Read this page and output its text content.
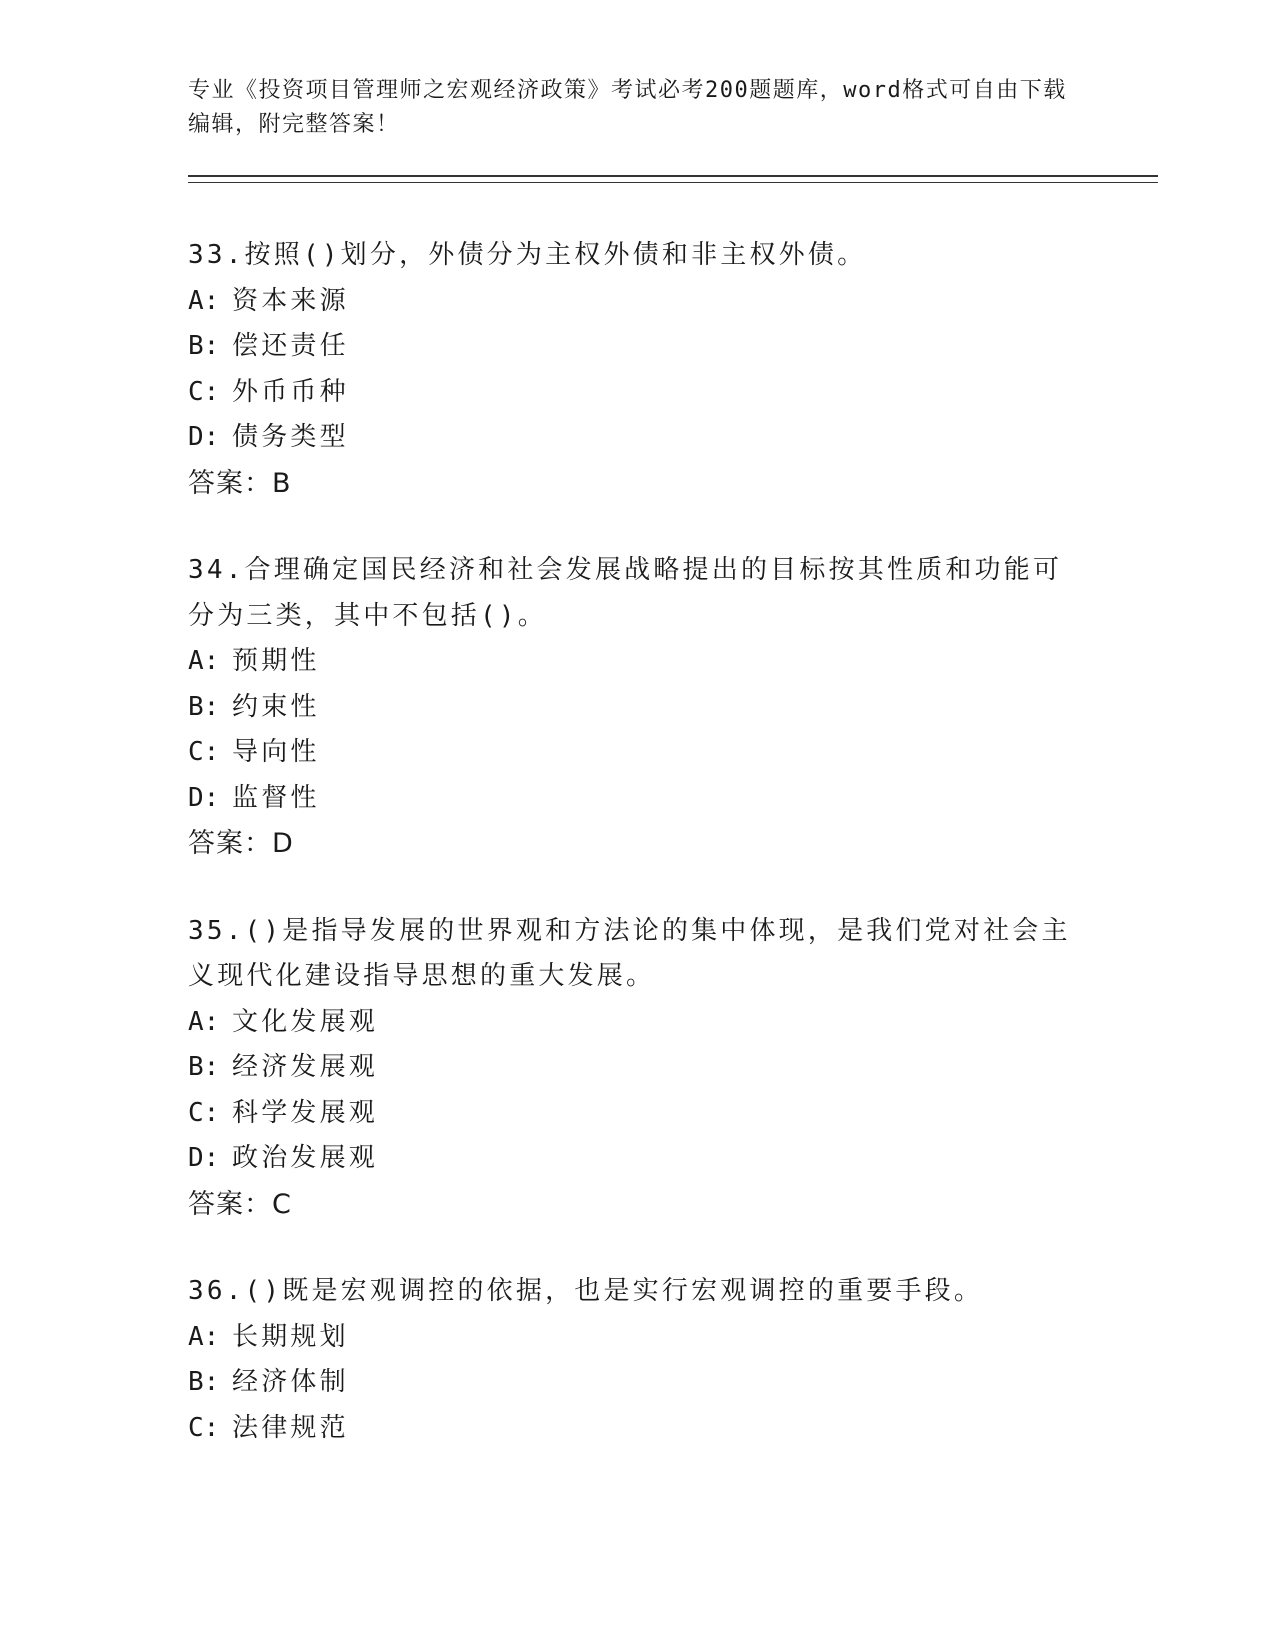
专业《投资项目管理师之宏观经济政策》考试必考200题题库，word格式可自由下载编辑，附完整答案！
33.按照()划分，外债分为主权外债和非主权外债。
A: 资本来源
B: 偿还责任
C: 外币币种
D: 债务类型
答案：B
34.合理确定国民经济和社会发展战略提出的目标按其性质和功能可分为三类，其中不包括()。
A: 预期性
B: 约束性
C: 导向性
D: 监督性
答案：D
35.()是指导发展的世界观和方法论的集中体现，是我们党对社会主义现代化建设指导思想的重大发展。
A: 文化发展观
B: 经济发展观
C: 科学发展观
D: 政治发展观
答案：C
36.()既是宏观调控的依据，也是实行宏观调控的重要手段。
A: 长期规划
B: 经济体制
C: 法律规范
